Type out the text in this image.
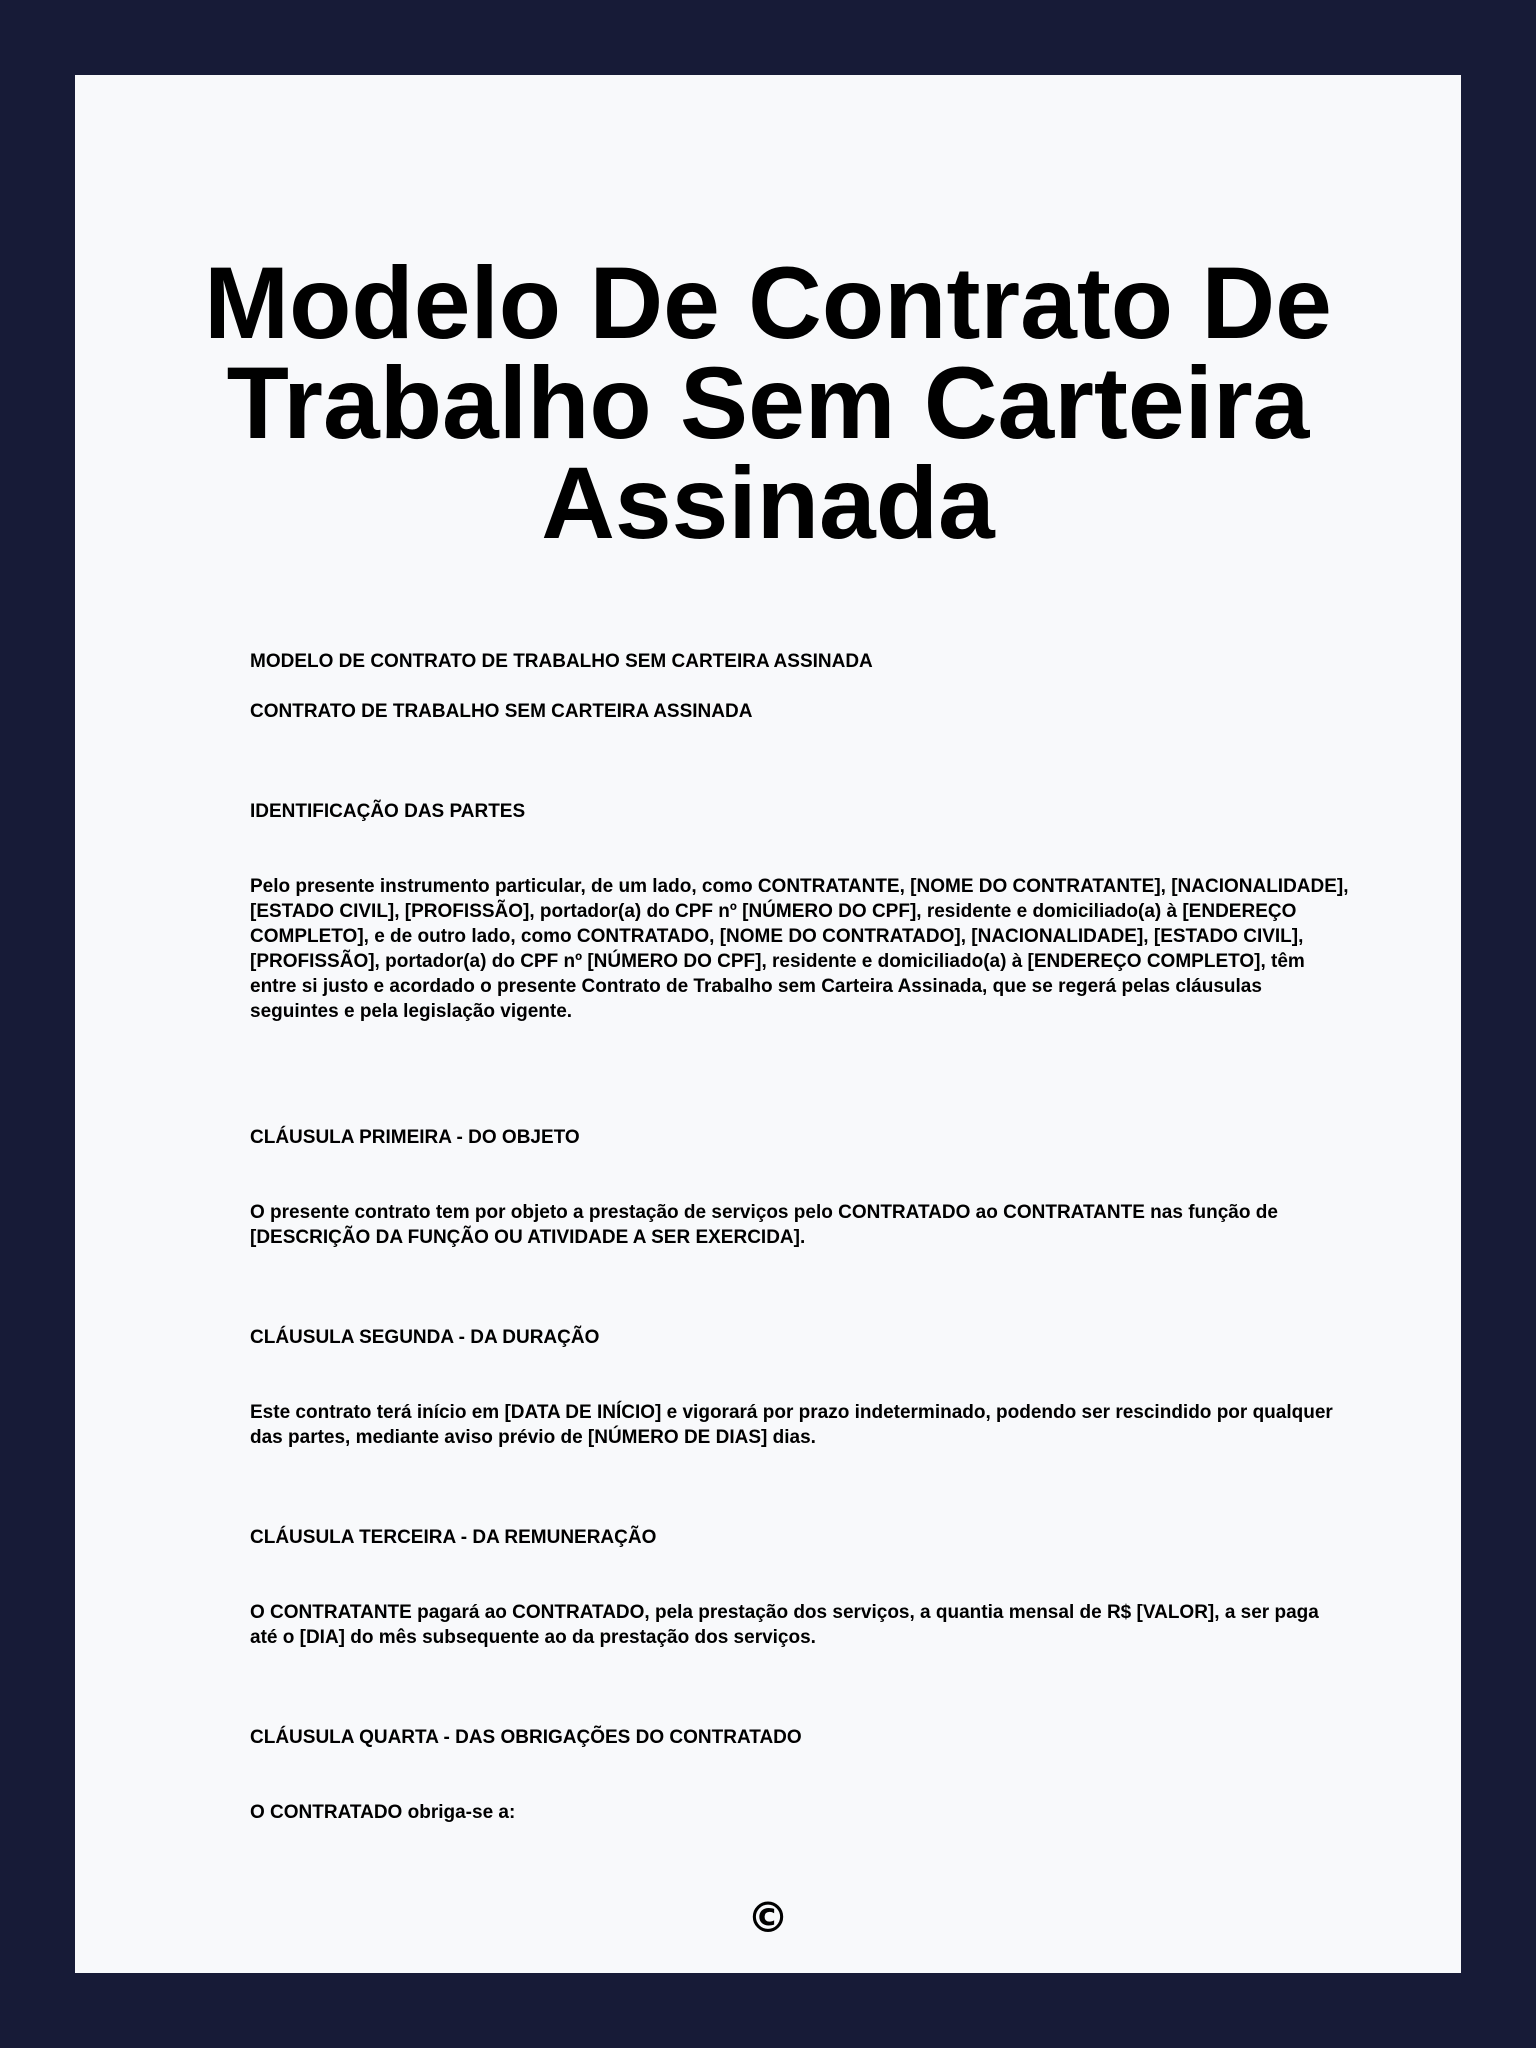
Modelo De Contrato De Trabalho Sem Carteira Assinada

MODELO DE CONTRATO DE TRABALHO SEM CARTEIRA ASSINADA

CONTRATO DE TRABALHO SEM CARTEIRA ASSINADA

IDENTIFICAÇÃO DAS PARTES

Pelo presente instrumento particular, de um lado, como CONTRATANTE, [NOME DO CONTRATANTE], [NACIONALIDADE], [ESTADO CIVIL], [PROFISSÃO], portador(a) do CPF nº [NÚMERO DO CPF], residente e domiciliado(a) à [ENDEREÇO COMPLETO], e de outro lado, como CONTRATADO, [NOME DO CONTRATADO], [NACIONALIDADE], [ESTADO CIVIL], [PROFISSÃO], portador(a) do CPF nº [NÚMERO DO CPF], residente e domiciliado(a) à [ENDEREÇO COMPLETO], têm entre si justo e acordado o presente Contrato de Trabalho sem Carteira Assinada, que se regerá pelas cláusulas seguintes e pela legislação vigente.

CLÁUSULA PRIMEIRA - DO OBJETO

O presente contrato tem por objeto a prestação de serviços pelo CONTRATADO ao CONTRATANTE nas função de [DESCRIÇÃO DA FUNÇÃO OU ATIVIDADE A SER EXERCIDA].

CLÁUSULA SEGUNDA - DA DURAÇÃO

Este contrato terá início em [DATA DE INÍCIO] e vigorará por prazo indeterminado, podendo ser rescindido por qualquer das partes, mediante aviso prévio de [NÚMERO DE DIAS] dias.

CLÁUSULA TERCEIRA - DA REMUNERAÇÃO

O CONTRATANTE pagará ao CONTRATADO, pela prestação dos serviços, a quantia mensal de R$ [VALOR], a ser paga até o [DIA] do mês subsequente ao da prestação dos serviços.

CLÁUSULA QUARTA - DAS OBRIGAÇÕES DO CONTRATADO

O CONTRATADO obriga-se a:

©
